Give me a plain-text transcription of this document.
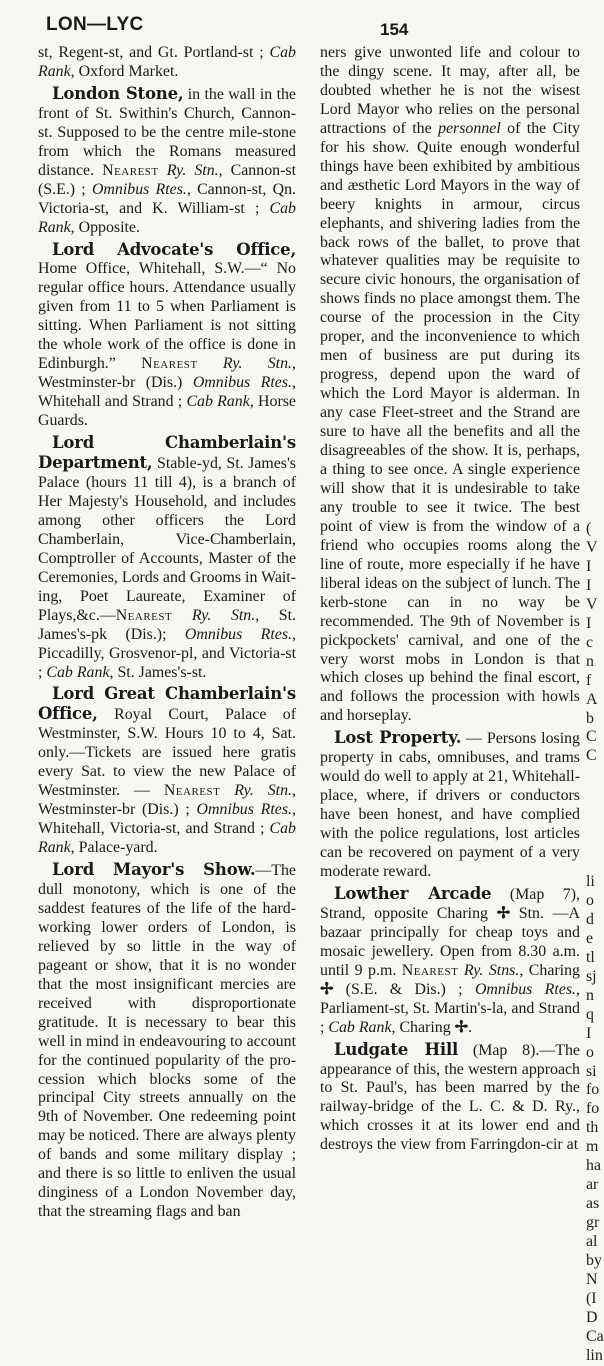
LON—LYC	154

st, Regent-st, and Gt. Portland-st ; Cab Rank, Oxford Market.

London Stone, in the wall in the front of St. Swithin's Church, Cannon-st. Supposed to be the centre mile-stone from which the Romans measured distance. Nearest Ry. Stn., Cannon-st (S.E.) ; Omnibus Rtes., Cannon-st, Qn. Victoria-st, and K. William-st ; Cab Rank, Opposite.

Lord Advocate's Office, Home Office, Whitehall, S.W.—“ No regular office hours. Attendance usually given from 11 to 5 when Parliament is sitting. When Parliament is not sitting the whole work of the office is done in Edinburgh.” Nearest Ry. Stn., Westminster-br (Dis.) Omnibus Rtes., Whitehall and Strand ; Cab Rank, Horse Guards.

Lord Chamberlain's Department, Stable-yd, St. James's Palace (hours 11 till 4), is a branch of Her Majesty's Household, and includes among other officers the Lord Chamberlain, Vice-Chamberlain, Comptroller of Accounts, Master of the Ceremonies, Lords and Grooms in Waiting, Poet Laureate, Examiner of Plays,&c.—Nearest Ry. Stn., St. James's-pk (Dis.); Omnibus Rtes., Piccadilly, Grosvenor-pl, and Victoria-st ; Cab Rank, St. James's-st.

Lord Great Chamberlain's Office, Royal Court, Palace of Westminster, S.W. Hours 10 to 4, Sat. only.—Tickets are issued here gratis every Sat. to view the new Palace of Westminster. — Nearest Ry. Stn., Westminster-br (Dis.) ; Omnibus Rtes., Whitehall, Victoria-st, and Strand ; Cab Rank, Palace-yard.

Lord Mayor's Show.—The dull monotony, which is one of the saddest features of the life of the hard-working lower orders of London, is relieved by so little in the way of pageant or show, that it is no wonder that the most insignificant mercies are received with disproportionate gratitude. It is necessary to bear this well in mind in endeavouring to account for the continued popularity of the procession which blocks some of the principal City streets annually on the 9th of November. One redeeming point may be noticed. There are always plenty of bands and some military display ; and there is so little to enliven the usual dinginess of a London November day, that the streaming flags and ban

ners give unwonted life and colour to the dingy scene. It may, after all, be doubted whether he is not the wisest Lord Mayor who relies on the personal attractions of the personnel of the City for his show. Quite enough wonderful things have been exhibited by ambitious and æsthetic Lord Mayors in the way of beery knights in armour, circus elephants, and shivering ladies from the back rows of the ballet, to prove that whatever qualities may be requisite to secure civic honours, the organisation of shows finds no place amongst them. The course of the procession in the City proper, and the inconvenience to which men of business are put during its progress, depend upon the ward of which the Lord Mayor is alderman. In any case Fleet-street and the Strand are sure to have all the benefits and all the disagreeables of the show. It is, perhaps, a thing to see once. A single experience will show that it is undesirable to take any trouble to see it twice. The best point of view is from the window of a friend who occupies rooms along the line of route, more especially if he have liberal ideas on the subject of lunch. The kerb-stone can in no way be recommended. The 9th of November is pickpockets' carnival, and one of the very worst mobs in London is that which closes up behind the final escort, and follows the procession with howls and horseplay.

Lost Property. — Persons losing property in cabs, omnibuses, and trams would do well to apply at 21, Whitehall-place, where, if drivers or conductors have been honest, and have complied with the police regulations, lost articles can be recovered on payment of a very moderate reward.

Lowther Arcade (Map 7), Strand, opposite Charing ✢ Stn. —A bazaar principally for cheap toys and mosaic jewellery. Open from 8.30 a.m. until 9 p.m. Nearest Ry. Stns., Charing ✢ (S.E. & Dis.) ; Omnibus Rtes., Parliament-st, St. Martin's-la, and Strand ; Cab Rank, Charing ✢.

Ludgate Hill (Map 8).—The appearance of this, the western approach to St. Paul's, has been marred by the railway-bridge of the L. C. & D. Ry., which crosses it at its lower end and destroys the view from Farringdon-cir at

(
V
I
I
V
I
c
n
f
A
b
C
C
li
o
d
e
tl
sj
n
q
I
o
si
fo
fo
th
m
ha
ar
as
gr
al
by
N
(I
D
Ca
lin
